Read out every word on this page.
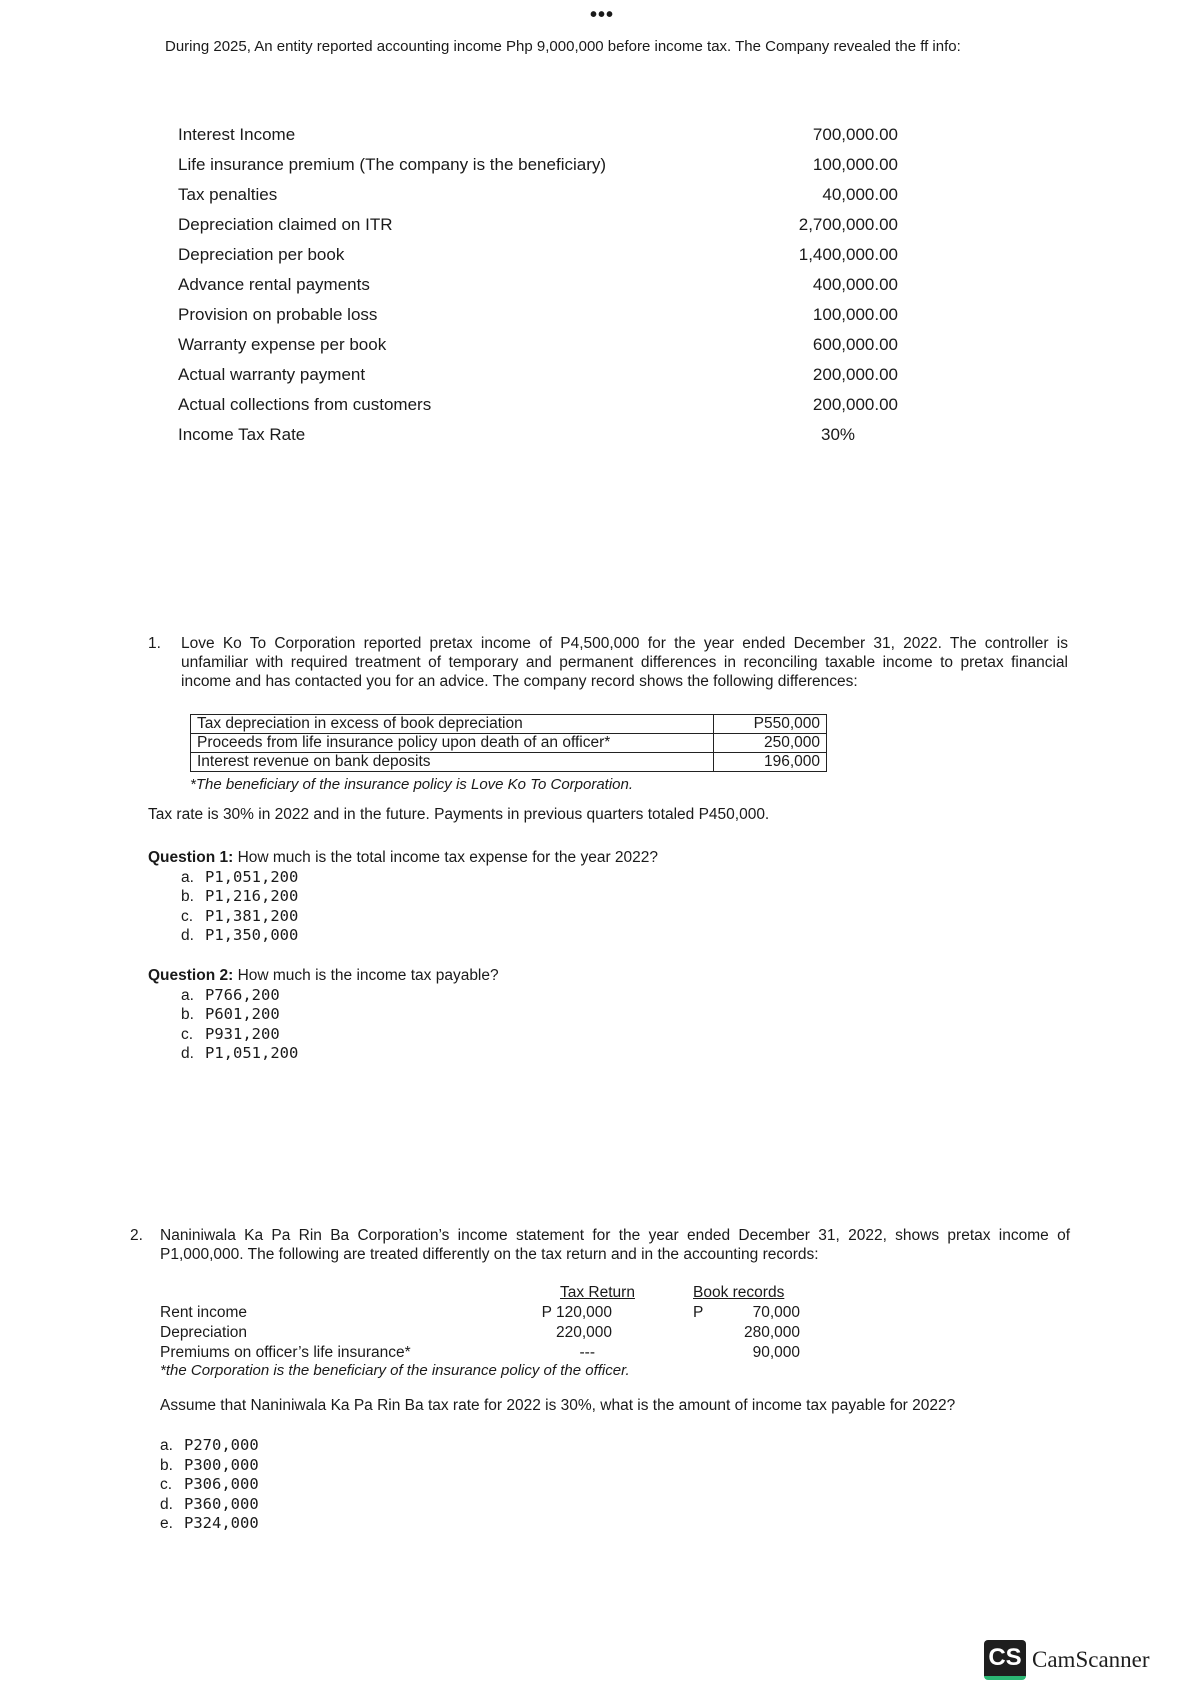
•••
During 2025, An entity reported accounting income Php 9,000,000 before income tax. The Company revealed the ff info:
Interest Income	700,000.00
Life insurance premium (The company is the beneficiary)	100,000.00
Tax penalties	40,000.00
Depreciation claimed on ITR	2,700,000.00
Depreciation per book	1,400,000.00
Advance rental payments	400,000.00
Provision on probable loss	100,000.00
Warranty expense per book	600,000.00
Actual warranty payment	200,000.00
Actual collections from customers	200,000.00
Income Tax Rate	30%
1. Love Ko To Corporation reported pretax income of P4,500,000 for the year ended December 31, 2022. The controller is unfamiliar with required treatment of temporary and permanent differences in reconciling taxable income to pretax financial income and has contacted you for an advice. The company record shows the following differences:
Tax depreciation in excess of book depreciation	P550,000
Proceeds from life insurance policy upon death of an officer*	250,000
Interest revenue on bank deposits	196,000
*The beneficiary of the insurance policy is Love Ko To Corporation.
Tax rate is 30% in 2022 and in the future. Payments in previous quarters totaled P450,000.
Question 1: How much is the total income tax expense for the year 2022?
a. P1,051,200
b. P1,216,200
c. P1,381,200
d. P1,350,000
Question 2: How much is the income tax payable?
a. P766,200
b. P601,200
c. P931,200
d. P1,051,200
2. Naniniwala Ka Pa Rin Ba Corporation’s income statement for the year ended December 31, 2022, shows pretax income of P1,000,000. The following are treated differently on the tax return and in the accounting records:
Tax Return	Book records
Rent income	P 120,000	P	70,000
Depreciation	220,000	280,000
Premiums on officer’s life insurance*	---	90,000
*the Corporation is the beneficiary of the insurance policy of the officer.
Assume that Naniniwala Ka Pa Rin Ba tax rate for 2022 is 30%, what is the amount of income tax payable for 2022?
a. P270,000
b. P300,000
c. P306,000
d. P360,000
e. P324,000
CS CamScanner
